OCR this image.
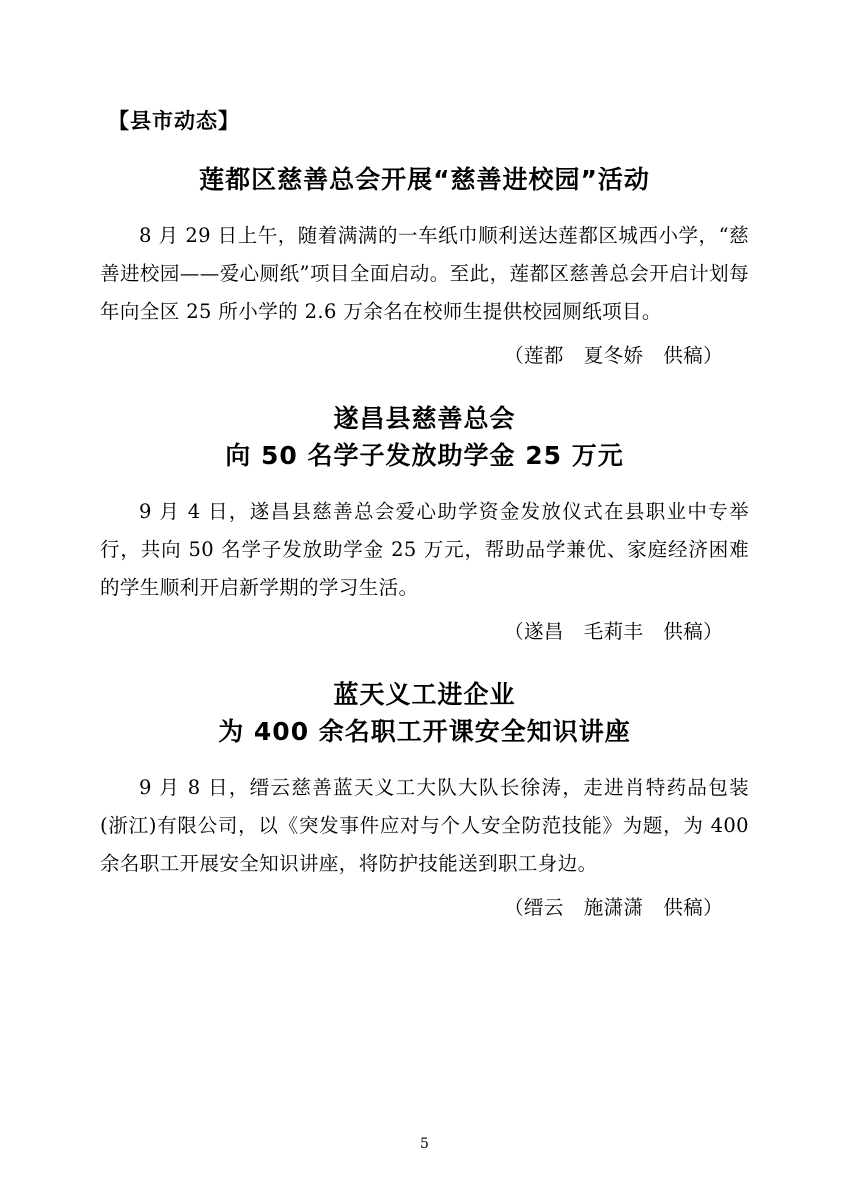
【县市动态】
莲都区慈善总会开展“慈善进校园”活动

8 月 29 日上午，随着满满的一车纸巾顺利送达莲都区城西小学，“慈善进校园——爱心厕纸”项目全面启动。至此，莲都区慈善总会开启计划每年向全区 25 所小学的 2.6 万余名在校师生提供校园厕纸项目。

（莲都　夏冬娇　供稿）
遂昌县慈善总会
向 50 名学子发放助学金 25 万元

9 月 4 日，遂昌县慈善总会爱心助学资金发放仪式在县职业中专举行，共向 50 名学子发放助学金 25 万元，帮助品学兼优、家庭经济困难的学生顺利开启新学期的学习生活。

（遂昌　毛莉丰　供稿）
蓝天义工进企业
为 400 余名职工开课安全知识讲座

9 月 8 日，缙云慈善蓝天义工大队大队长徐涛，走进肖特药品包装(浙江)有限公司，以《突发事件应对与个人安全防范技能》为题，为 400 余名职工开展安全知识讲座，将防护技能送到职工身边。

（缙云　施潇潇　供稿）
5
